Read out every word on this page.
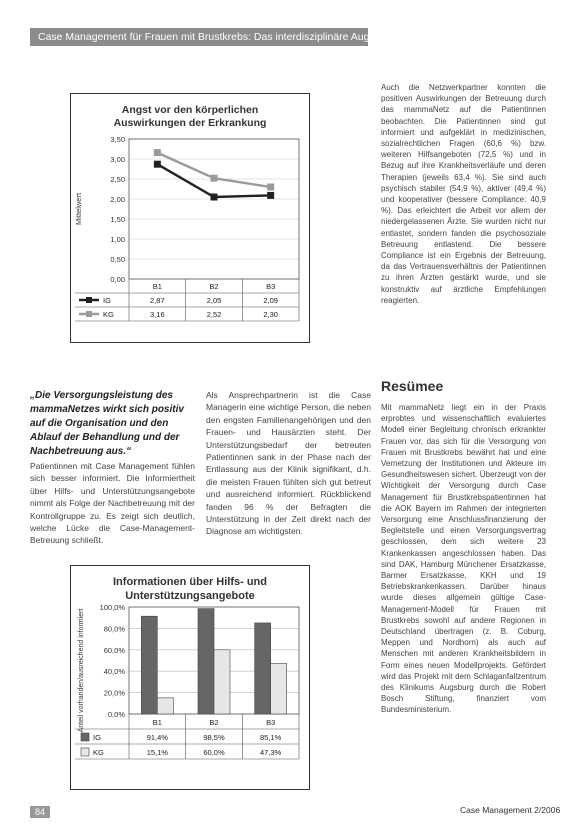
Case Management für Frauen mit Brustkrebs: Das interdisziplinäre Augsburger Modell
Angst vor den körperlichen Auswirkungen der Erkrankung
Mittelwert
0,00
0,50
1,00
1,50
2,00
2,50
3,00
3,50
B1	B2	B3
IG	2,87	2,05	2,09
KG	3,16	2,52	2,30
Informationen über Hilfs- und Unterstützungsangebote
Anteil vorhanden/ausreichend informiert	0,0%
20,0%
40,0%
60,0%
80,0%
100,0%
B1	B2	B3
IG	91,4%	98,5%	85,1%
KG	15,1%	60,0%	47,3%
„Die Versorgungsleistung des mammaNetzes wirkt sich positiv auf die Organisation und den Ablauf der Behandlung und der Nachbetreuung aus.“

Patientinnen mit Case Management fühlen sich besser informiert. Die Informiertheit über Hilfs- und Unterstützungsangebote nimmt als Folge der Nachbetreuung mit der Kontrollgruppe zu. Es zeigt sich deutlich, welche Lücke die Case-Management-Betreuung schließt.

Als Ansprechpartnerin ist die Case Managerin eine wichtige Person, die neben den engsten Familienangehörigen und den Frauen- und Hausärzten steht. Der Unterstützungsbedarf der betreuten Patientinnen sank in der Phase nach der Entlassung aus der Klinik signifikant, d.h. die meisten Frauen fühlten sich gut betreut und ausreichend informiert. Rückblickend fanden 96 % der Befragten die Unterstützung in der Zeit direkt nach der Diagnose am wichtigsten.

Auch die Netzwerkpartner konnten die positiven Auswirkungen der Betreuung durch das mammaNetz auf die Patientinnen beobachten. Die Patientinnen sind gut informiert und aufgeklärt in medizinischen, sozialrechtlichen Fragen (60,6 %) bzw. weiteren Hilfsangeboten (72,5 %) und in Bezug auf ihre Krankheitsverläufe und deren Therapien (jeweils 63,4 %). Sie sind auch psychisch stabiler (54,9 %), aktiver (49,4 %) und kooperativer (bessere Compliance: 40,9 %). Das erleichtert die Arbeit vor allem der niedergelassenen Ärzte. Sie wurden nicht nur entlastet, sondern fanden die psychosoziale Betreuung entlastend. Die bessere Compliance ist ein Ergebnis der Betreuung, da das Vertrauensverhältnis der Patientinnen zu ihren Ärzten gestärkt wurde, und sie konstruktiv auf ärztliche Empfehlungen reagierten.

Resümee

Mit mammaNetz liegt ein in der Praxis erprobtes und wissenschaftlich evaluiertes Modell einer Begleitung chronisch erkrankter Frauen vor, das sich für die Versorgung von Frauen mit Brustkrebs bewährt hat und eine Vernetzung der Institutionen und Akteure im Gesundheitswesen sichert. Überzeugt von der Wichtigkeit der Versorgung durch Case Management für Brustkrebspatientinnen hat die AOK Bayern im Rahmen der integrierten Versorgung eine Anschlussfinanzierung der Begleitstelle und einen Versorgungsvertrag geschlossen, dem sich weitere 23 Krankenkassen angeschlossen haben. Das sind DAK, Hamburg Münchener Ersatzkasse, Barmer Ersatzkasse, KKH und 19 Betriebskrankenkassen. Darüber hinaus wurde dieses allgemein gültige Case-Management-Modell für Frauen mit Brustkrebs sowohl auf andere Regionen in Deutschland übertragen (z. B. Coburg, Meppen und Nordhorn) als auch auf Menschen mit anderen Krankheitsbildern in Form eines neuen Modellprojekts. Gefördert wird das Projekt mit dem Schlaganfallzentrum des Klinikums Augsburg durch die Robert Bosch Stiftung, finanziert vom Bundesministerium.

84	Case Management 2/2006
